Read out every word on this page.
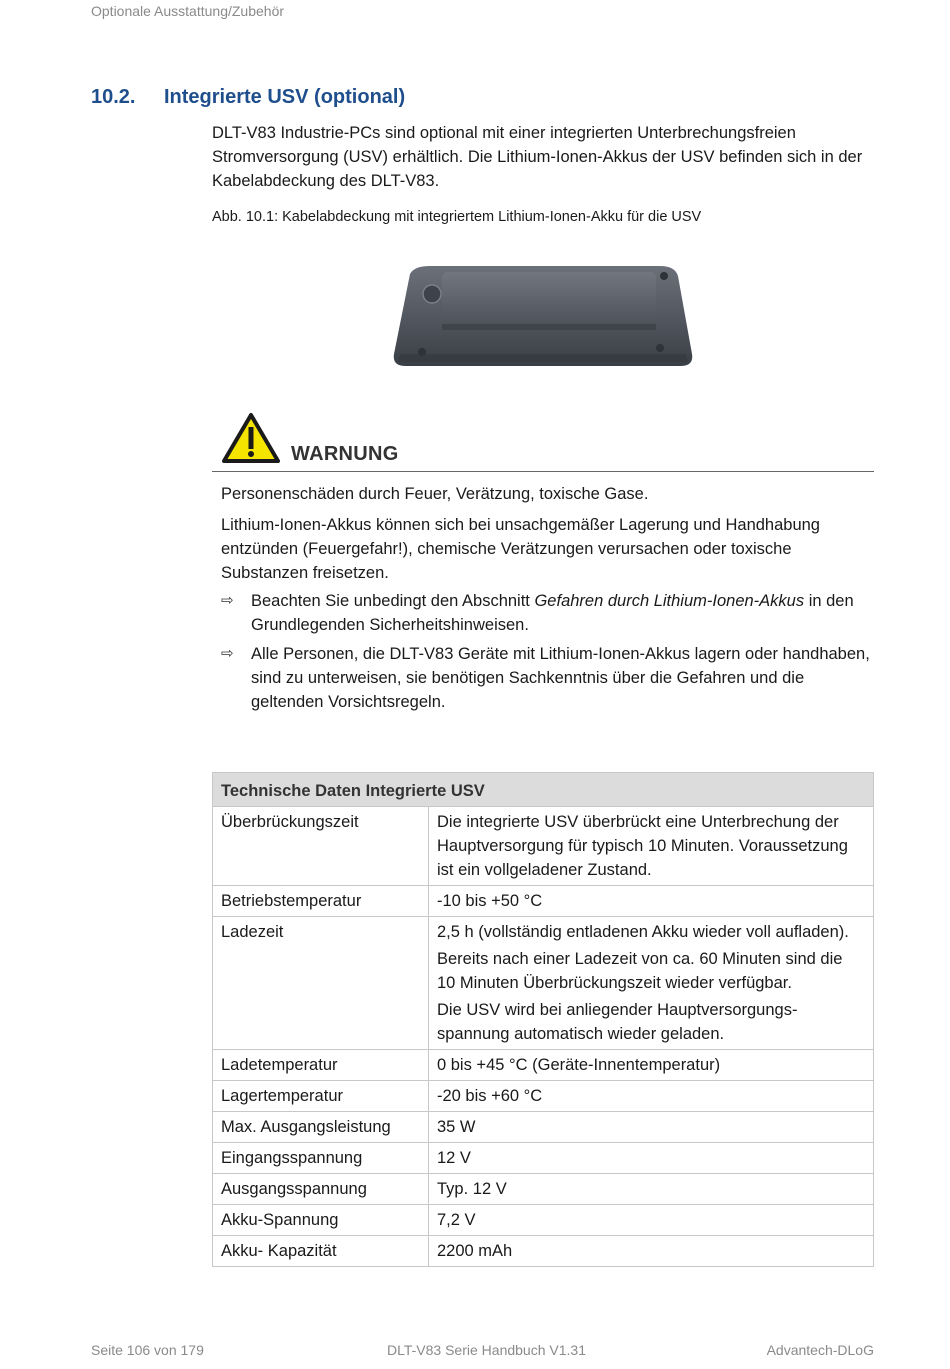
Optionale Ausstattung/Zubehör
10.2. Integrierte USV (optional)
DLT-V83 Industrie-PCs sind optional mit einer integrierten Unterbrechungsfreien Stromversorgung (USV) erhältlich. Die Lithium-Ionen-Akkus der USV befinden sich in der Kabelabdeckung des DLT-V83.
Abb. 10.1: Kabelabdeckung mit integriertem Lithium-Ionen-Akku für die USV
WARNUNG
Personenschäden durch Feuer, Verätzung, toxische Gase.
Lithium-Ionen-Akkus können sich bei unsachgemäßer Lagerung und Handhabung entzünden (Feuergefahr!), chemische Verätzungen verursachen oder toxische Substanzen freisetzen.
⇨	Beachten Sie unbedingt den Abschnitt Gefahren durch Lithium-Ionen-Akkus in den Grundlegenden Sicherheitshinweisen.
⇨	Alle Personen, die DLT-V83 Geräte mit Lithium-Ionen-Akkus lagern oder handhaben, sind zu unterweisen, sie benötigen Sachkenntnis über die Gefahren und die geltenden Vorsichtsregeln.
Technische Daten Integrierte USV	
Überbrückungszeit	Die integrierte USV überbrückt eine Unterbrechung der Hauptversorgung für typisch 10 Minuten. Voraussetzung ist ein vollgeladener Zustand.

Betriebstemperatur	-10 bis +50 °C

Ladezeit	2,5 h (vollständig entladenen Akku wieder voll aufladen).

Bereits nach einer Ladezeit von ca. 60 Minuten sind die 10 Minuten Überbrückungszeit wieder verfügbar.

Die USV wird bei anliegender Hauptversorgungs-spannung automatisch wieder geladen.

Ladetemperatur	0 bis +45 °C (Geräte-Innentemperatur)

Lagertemperatur	-20 bis +60 °C

Max. Ausgangsleistung	35 W

Eingangsspannung	12 V

Ausgangsspannung	Typ. 12 V

Akku-Spannung	7,2 V

Akku- Kapazität	2200 mAh

Seite 106 von 179	DLT-V83 Serie Handbuch V1.31	Advantech-DLoG
